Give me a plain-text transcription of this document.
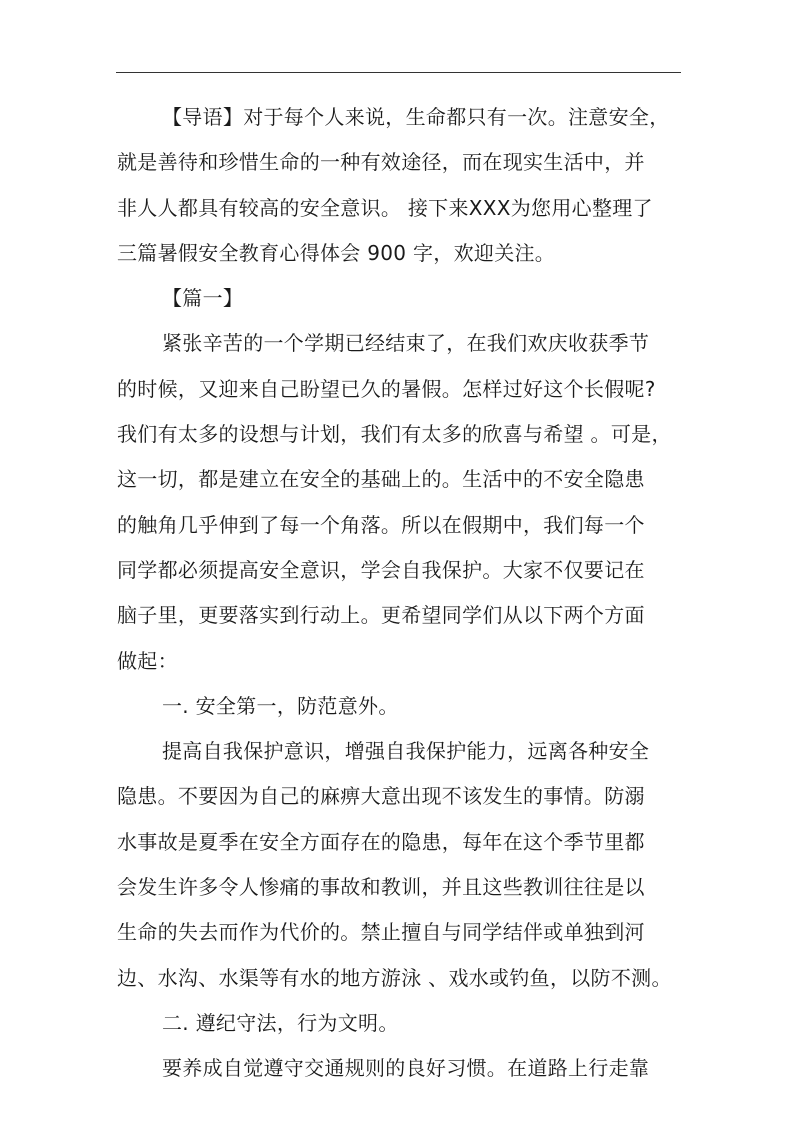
【导语】对于每个人来说，生命都只有一次。注意安全，
就是善待和珍惜生命的一种有效途径，而在现实生活中，并
非人人都具有较高的安全意识。 接下来XXX为您用心整理了
三篇暑假安全教育心得体会 900 字，欢迎关注。
【篇一】
紧张辛苦的一个学期已经结束了，在我们欢庆收获季节
的时候，又迎来自己盼望已久的暑假。怎样过好这个长假呢?
我们有太多的设想与计划，我们有太多的欣喜与希望 。可是，
这一切，都是建立在安全的基础上的。生活中的不安全隐患
的触角几乎伸到了每一个角落。所以在假期中，我们每一个
同学都必须提高安全意识，学会自我保护。大家不仅要记在
脑子里，更要落实到行动上。更希望同学们从以下两个方面
做起：
一. 安全第一，防范意外。
提高自我保护意识，增强自我保护能力，远离各种安全
隐患。不要因为自己的麻痹大意出现不该发生的事情。防溺
水事故是夏季在安全方面存在的隐患，每年在这个季节里都
会发生许多令人惨痛的事故和教训，并且这些教训往往是以
生命的失去而作为代价的。禁止擅自与同学结伴或单独到河
边、水沟、水渠等有水的地方游泳 、戏水或钓鱼，以防不测。
二. 遵纪守法，行为文明。
要养成自觉遵守交通规则的良好习惯。在道路上行走靠
